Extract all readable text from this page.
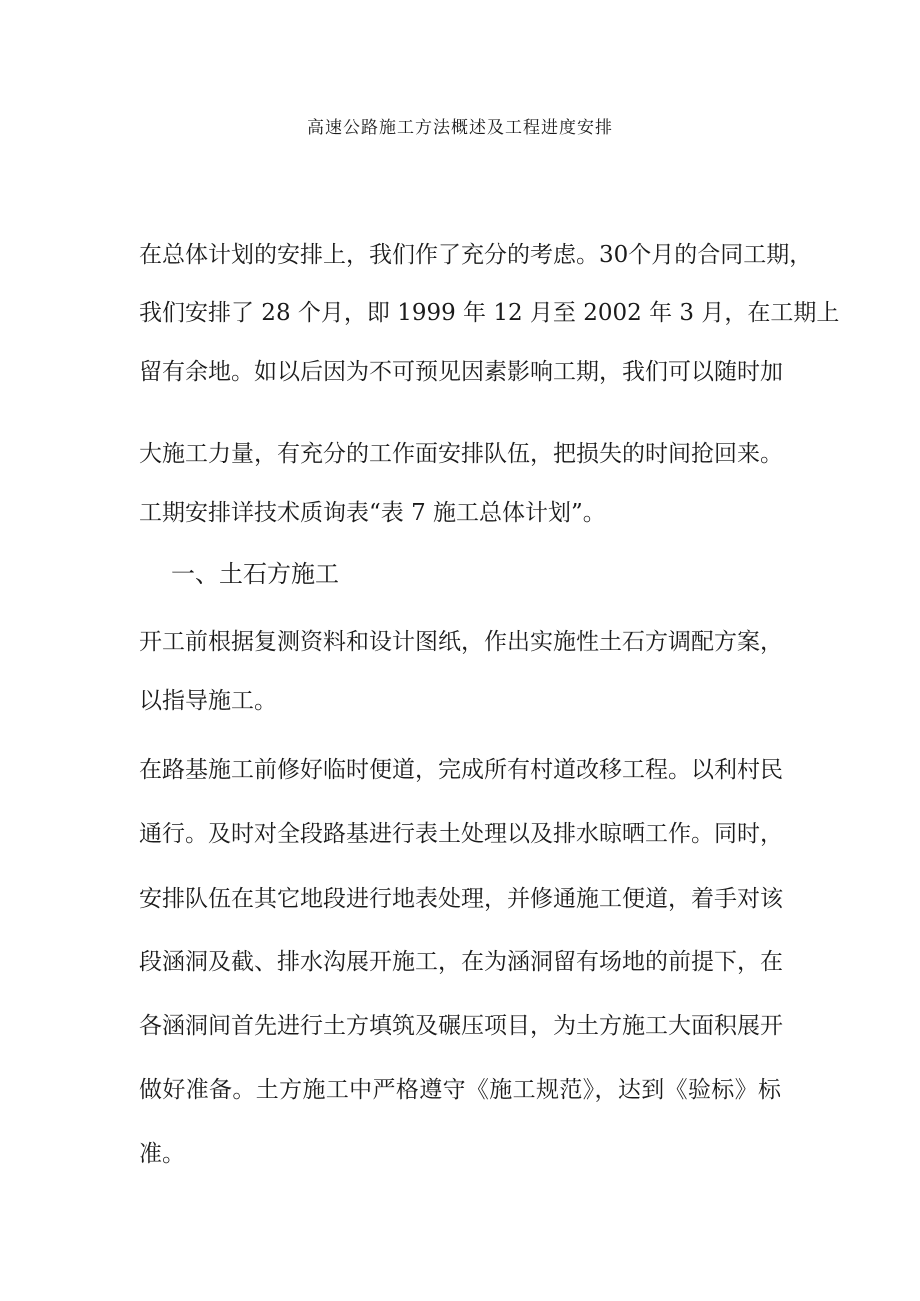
高速公路施工方法概述及工程进度安排
在总体计划的安排上，我们作了充分的考虑。30个月的合同工期，
我们安排了 28 个月，即 1999 年 12 月至 2002 年 3 月，在工期上
留有余地。如以后因为不可预见因素影响工期，我们可以随时加
大施工力量，有充分的工作面安排队伍，把损失的时间抢回来。
工期安排详技术质询表“表 7 施工总体计划”。
一、土石方施工
开工前根据复测资料和设计图纸，作出实施性土石方调配方案，
以指导施工。
在路基施工前修好临时便道，完成所有村道改移工程。以利村民
通行。及时对全段路基进行表土处理以及排水晾晒工作。同时，
安排队伍在其它地段进行地表处理，并修通施工便道，着手对该
段涵洞及截、排水沟展开施工，在为涵洞留有场地的前提下，在
各涵洞间首先进行土方填筑及碾压项目，为土方施工大面积展开
做好准备。土方施工中严格遵守《施工规范》，达到《验标》标
准。
